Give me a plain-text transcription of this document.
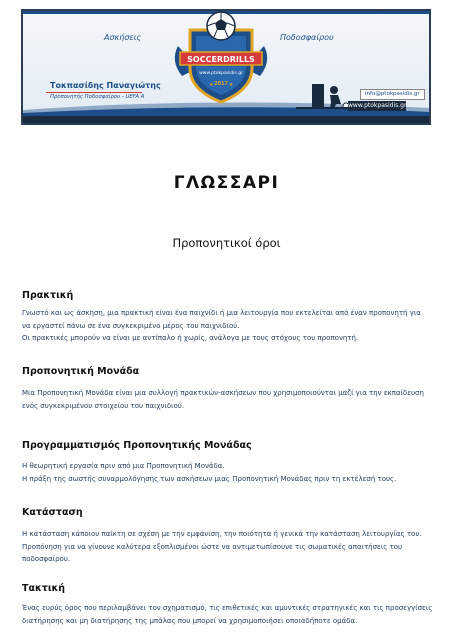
Ασκήσεις	Ποδοσφαίρου
Τοκπασίδης Παναγιώτης
Προπονητής Ποδοσφαίρου - UEFA A
SOCCERDRILLS
www.ptokpasidis.gr
2017
★	★
info@ptokpasidis.gr
www.ptokpasidis.gr
ΓΛΩΣΣΑΡΙ
Προπονητικοί όροι
Πρακτική

Γνωστό και ως άσκηση, μια πρακτική είναι ένα παιχνίδι ή μια λειτουργία που εκτελείται από έναν προπονητή για

να εργαστεί πάνω σε ένα συγκεκριμένο μέρος του παιχνιδιού.

Οι πρακτικές μπορούν να είναι με αντίπαλο ή χωρίς, ανάλογα με τους στόχους του προπονητή.

Προπονητική Μονάδα

Μια Προπονητική Μονάδα είναι μια συλλογή πρακτικών-ασκήσεων που χρησιμοποιούνται μαζί για την εκπαίδευση

ενός συγκεκριμένου στοιχείου του παιχνιδιού.

Προγραμματισμός Προπονητικής Μονάδας

Η θεωρητική εργασία πριν από μια Προπονητική Μονάδα.

Η πράξη της σωστής συναρμολόγησης των ασκήσεων μιας Προπονητική Μονάδας πριν τη εκτέλεσή τους.

Κατάσταση

Η κατάσταση κάποιου παίκτη σε σχέση με την εμφάνιση, την ποιότητα ή γενικά την κατάσταση λειτουργίας του.

Προπόνηση για να γίνουνε καλύτερα εξοπλισμένοι ώστε να αντιμετωπίσουνε τις σωματικές απαιτήσεις του

ποδοσφαίρου.

Τακτική

Ένας ευρύς όρος που περιλαμβάνει τον σχηματισμό, τις επιθετικές και αμυντικές στρατηγικές και τις προσεγγίσεις

διατήρησης και μη διατήρησης της μπάλας που μπορεί να χρησιμοποιήσει οποιαδήποτε ομάδα.
